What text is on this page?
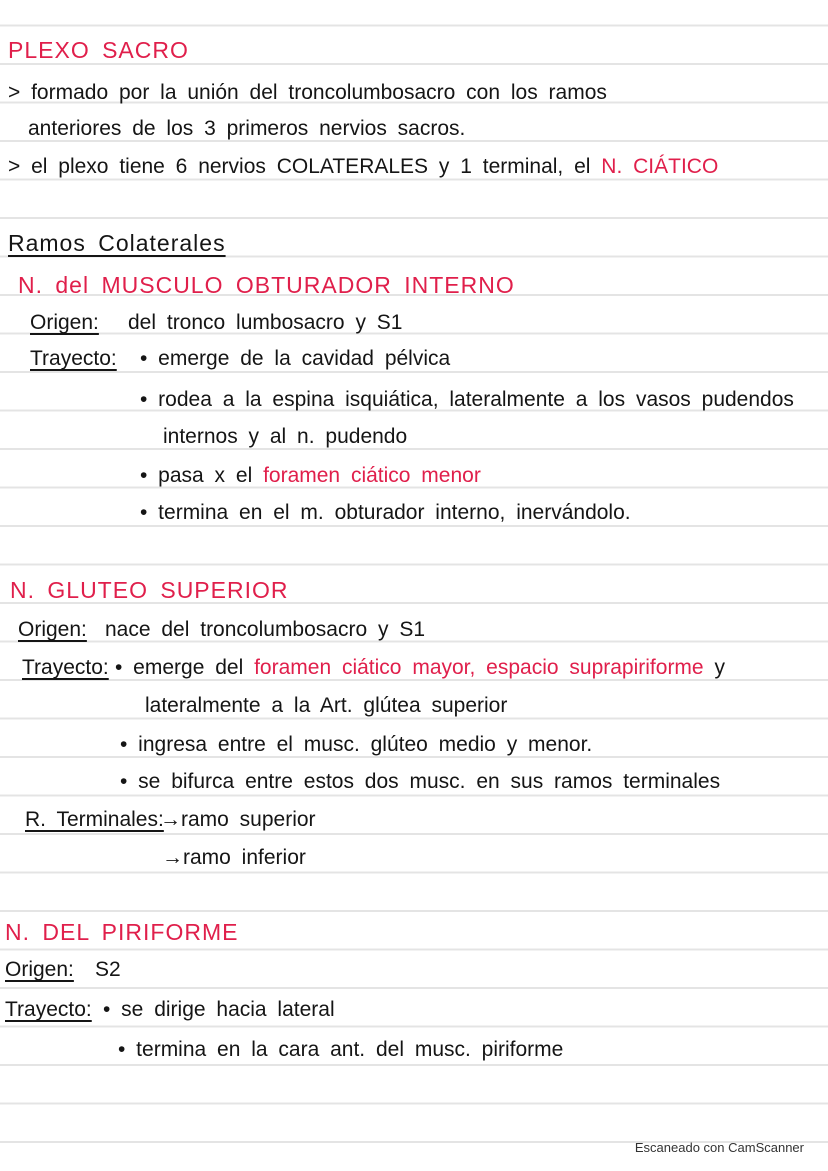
PLEXO SACRO
> formado por la unión del troncolumbosacro con los ramos
anteriores de los 3 primeros nervios sacros.
> el plexo tiene 6 nervios COLATERALES y 1 terminal, el N. CIÁTICO
Ramos Colaterales
N. del MUSCULO OBTURADOR INTERNO
Origen: del tronco lumbosacro y S1
Trayecto: • emerge de la cavidad pélvica
• rodea a la espina isquiática, lateralmente a los vasos pudendos
internos y al n. pudendo
• pasa x el foramen ciático menor
• termina en el m. obturador interno, inervándolo.
N. GLUTEO SUPERIOR
Origen: nace del troncolumbosacro y S1
Trayecto: • emerge del foramen ciático mayor, espacio suprapiriforme y
lateralmente a la Art. glútea superior
• ingresa entre el musc. glúteo medio y menor.
• se bifurca entre estos dos musc. en sus ramos terminales
R. Terminales:
→ramo superior
→ramo inferior
N. DEL PIRIFORME
Origen: S2
Trayecto: • se dirige hacia lateral
• termina en la cara ant. del musc. piriforme
Escaneado con CamScanner
